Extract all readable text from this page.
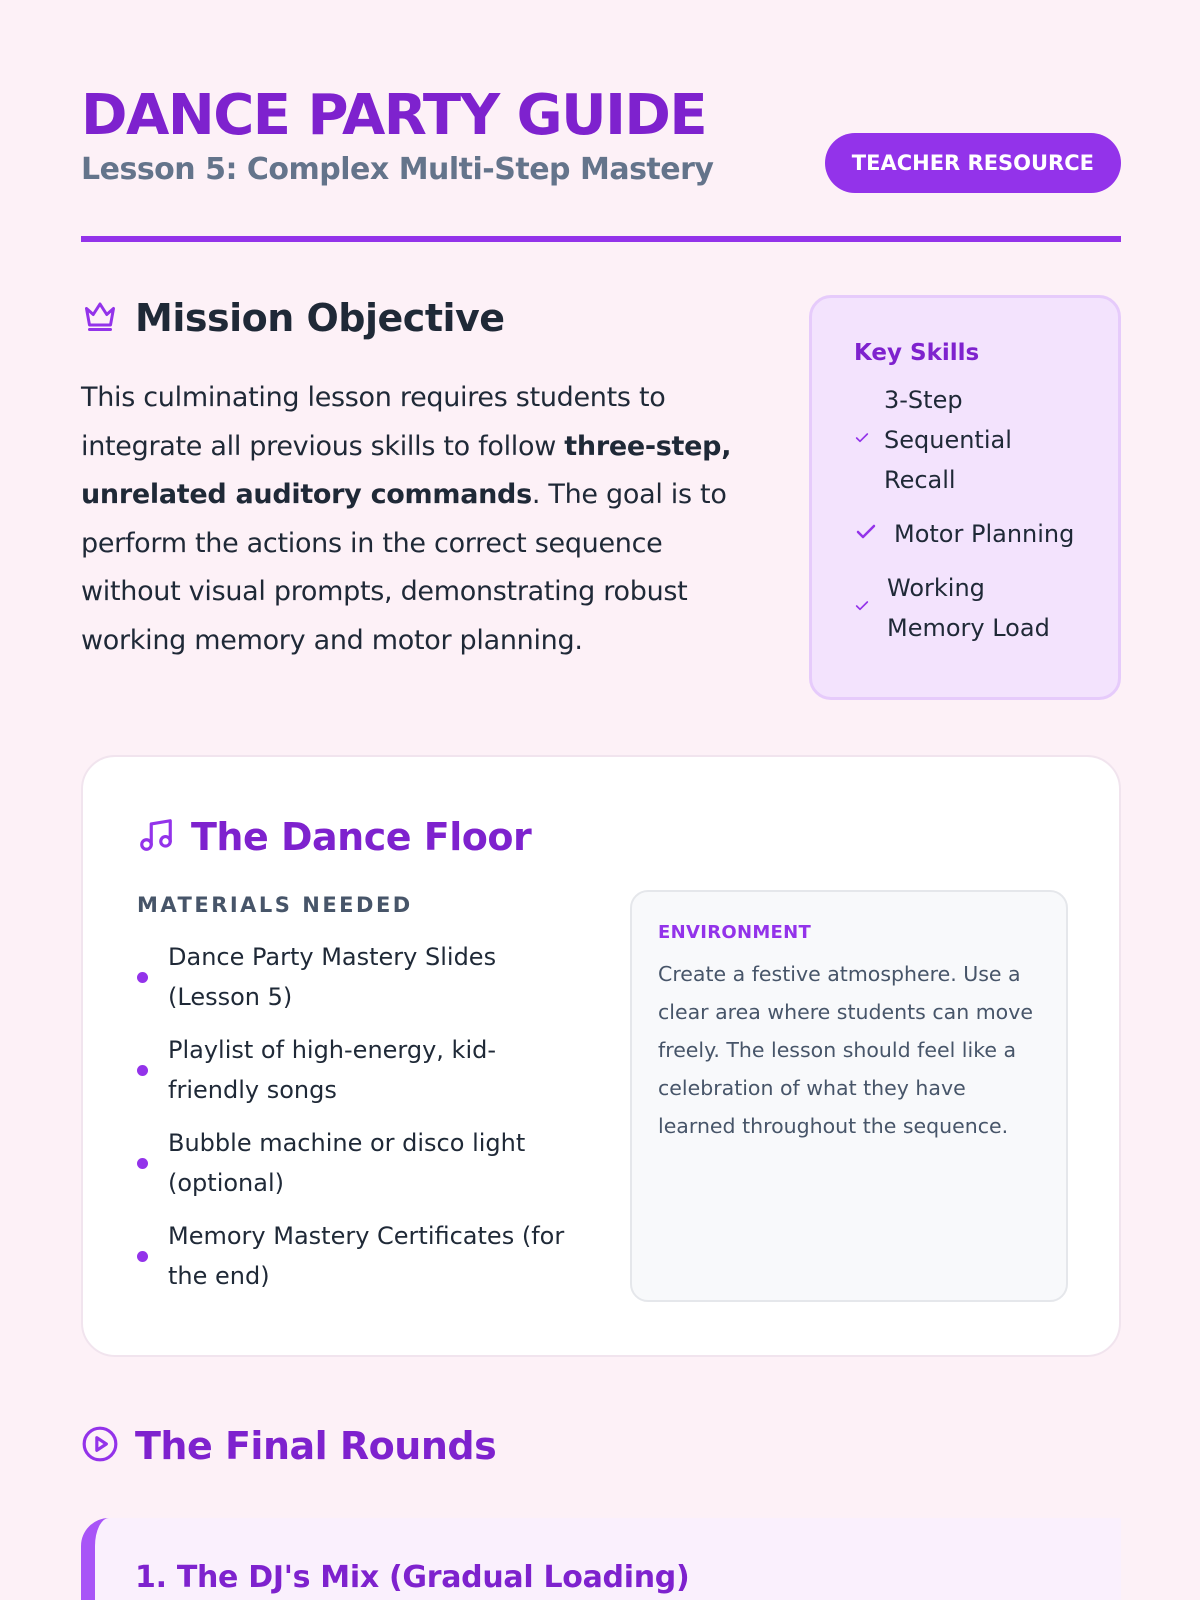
DANCE PARTY GUIDE
Lesson 5: Complex Multi-Step Mastery	TEACHER RESOURCE
Mission Objective

This culminating lesson requires students to integrate all previous skills to follow three-step, unrelated auditory commands. The goal is to perform the actions in the correct sequence without visual prompts, demonstrating robust working memory and motor planning.

Key Skills
3-Step Sequential Recall
Motor Planning
Working Memory Load
The Dance Floor
MATERIALS NEEDED
Dance Party Mastery Slides (Lesson 5)
Playlist of high-energy, kid-friendly songs
Bubble machine or disco light (optional)
Memory Mastery Certificates (for the end)
ENVIRONMENT

Create a festive atmosphere. Use a clear area where students can move freely. The lesson should feel like a celebration of what they have learned throughout the sequence.

The Final Rounds
1. The DJ's Mix (Gradual Loading)
